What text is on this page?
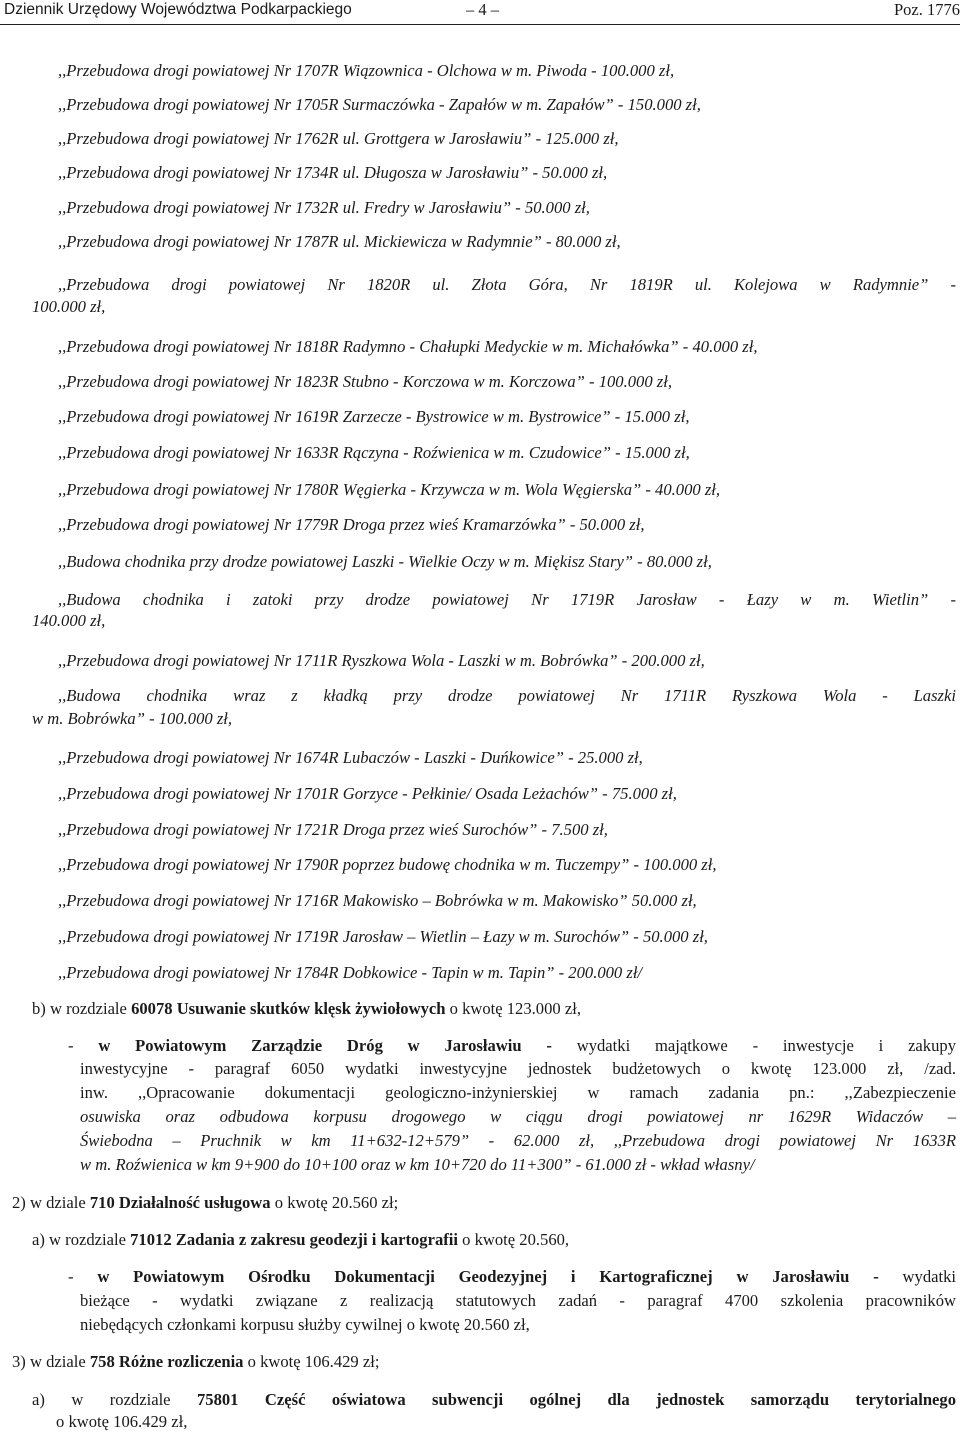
Dziennik Urzędowy Województwa Podkarpackiego	– 4 –	Poz. 1776
,,Przebudowa drogi powiatowej Nr 1707R Wiązownica - Olchowa w m. Piwoda - 100.000 zł,
,,Przebudowa drogi powiatowej Nr 1705R Surmaczówka - Zapałów w m. Zapałów” - 150.000 zł,
,,Przebudowa drogi powiatowej Nr 1762R ul. Grottgera w Jarosławiu” - 125.000 zł,
,,Przebudowa drogi powiatowej Nr 1734R ul. Długosza w Jarosławiu” - 50.000 zł,
,,Przebudowa drogi powiatowej Nr 1732R ul. Fredry w Jarosławiu” - 50.000 zł,
,,Przebudowa drogi powiatowej Nr 1787R ul. Mickiewicza w Radymnie” - 80.000 zł,
,,Przebudowa drogi powiatowej Nr 1820R ul. Złota Góra, Nr 1819R ul. Kolejowa w Radymnie” -
100.000 zł,
,,Przebudowa drogi powiatowej Nr 1818R Radymno - Chałupki Medyckie w m. Michałówka” - 40.000 zł,
,,Przebudowa drogi powiatowej Nr 1823R Stubno - Korczowa w m. Korczowa” - 100.000 zł,
,,Przebudowa drogi powiatowej Nr 1619R Zarzecze - Bystrowice w m. Bystrowice” - 15.000 zł,
,,Przebudowa drogi powiatowej Nr 1633R Rączyna - Roźwienica w m. Czudowice” - 15.000 zł,
,,Przebudowa drogi powiatowej Nr 1780R Węgierka - Krzywcza w m. Wola Węgierska” - 40.000 zł,
,,Przebudowa drogi powiatowej Nr 1779R Droga przez wieś Kramarzówka” - 50.000 zł,
,,Budowa chodnika przy drodze powiatowej Laszki - Wielkie Oczy w m. Miękisz Stary” - 80.000 zł,
,,Budowa chodnika i zatoki przy drodze powiatowej Nr 1719R Jarosław - Łazy w m. Wietlin” -
140.000 zł,
,,Przebudowa drogi powiatowej Nr 1711R Ryszkowa Wola - Laszki w m. Bobrówka” - 200.000 zł,
,,Budowa chodnika wraz z kładką przy drodze powiatowej Nr 1711R Ryszkowa Wola - Laszki
w m. Bobrówka” - 100.000 zł,
,,Przebudowa drogi powiatowej Nr 1674R Lubaczów - Laszki - Duńkowice” - 25.000 zł,
,,Przebudowa drogi powiatowej Nr 1701R Gorzyce - Pełkinie/ Osada Leżachów” - 75.000 zł,
,,Przebudowa drogi powiatowej Nr 1721R Droga przez wieś Surochów” - 7.500 zł,
,,Przebudowa drogi powiatowej Nr 1790R poprzez budowę chodnika w m. Tuczempy” - 100.000 zł,
,,Przebudowa drogi powiatowej Nr 1716R Makowisko – Bobrówka w m. Makowisko” 50.000 zł,
,,Przebudowa drogi powiatowej Nr 1719R Jarosław – Wietlin – Łazy w m. Surochów” - 50.000 zł,
,,Przebudowa drogi powiatowej Nr 1784R Dobkowice - Tapin w m. Tapin” - 200.000 zł/
b) w rozdziale 60078 Usuwanie skutków klęsk żywiołowych o kwotę 123.000 zł,
- w Powiatowym Zarządzie Dróg w Jarosławiu - wydatki majątkowe - inwestycje i zakupy
inwestycyjne - paragraf 6050 wydatki inwestycyjne jednostek budżetowych o kwotę 123.000 zł, /zad.
inw. ,,Opracowanie dokumentacji geologiczno-inżynierskiej w ramach zadania pn.: ,,Zabezpieczenie
osuwiska oraz odbudowa korpusu drogowego w ciągu drogi powiatowej nr 1629R Widaczów –
Świebodna – Pruchnik w km 11+632-12+579” - 62.000 zł, ,,Przebudowa drogi powiatowej Nr 1633R
w m. Roźwienica w km 9+900 do 10+100 oraz w km 10+720 do 11+300” - 61.000 zł - wkład własny/
2) w dziale 710 Działalność usługowa o kwotę 20.560 zł;
a) w rozdziale 71012 Zadania z zakresu geodezji i kartografii o kwotę 20.560,
- w Powiatowym Ośrodku Dokumentacji Geodezyjnej i Kartograficznej w Jarosławiu - wydatki
bieżące - wydatki związane z realizacją statutowych zadań - paragraf 4700 szkolenia pracowników
niebędących członkami korpusu służby cywilnej o kwotę 20.560 zł,
3) w dziale 758 Różne rozliczenia o kwotę 106.429 zł;
a) w rozdziale 75801 Część oświatowa subwencji ogólnej dla jednostek samorządu terytorialnego
o kwotę 106.429 zł,
